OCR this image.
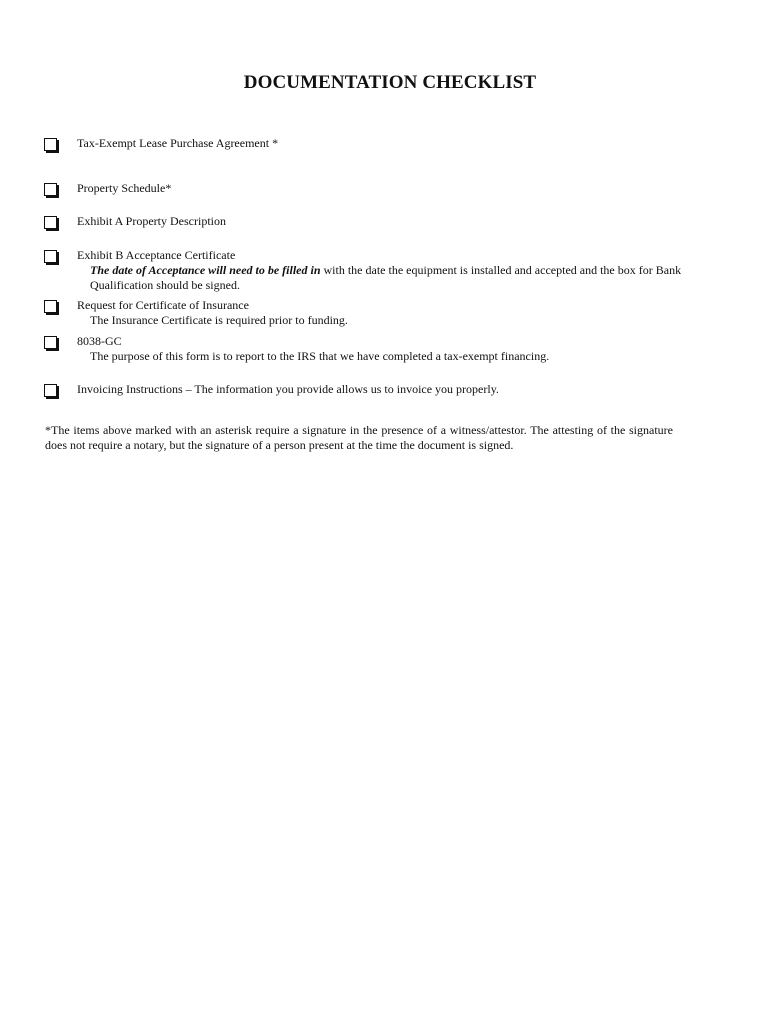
DOCUMENTATION CHECKLIST
Tax-Exempt Lease Purchase Agreement *
Property Schedule*
Exhibit A Property Description
Exhibit B Acceptance Certificate
The date of Acceptance will need to be filled in with the date the equipment is installed and accepted and the box for Bank Qualification should be signed.
Request for Certificate of Insurance
The Insurance Certificate is required prior to funding.
8038-GC
The purpose of this form is to report to the IRS that we have completed a tax-exempt financing.
Invoicing Instructions – The information you provide allows us to invoice you properly.

*The items above marked with an asterisk require a signature in the presence of a witness/attestor. The attesting of the signature does not require a notary, but the signature of a person present at the time the document is signed.
